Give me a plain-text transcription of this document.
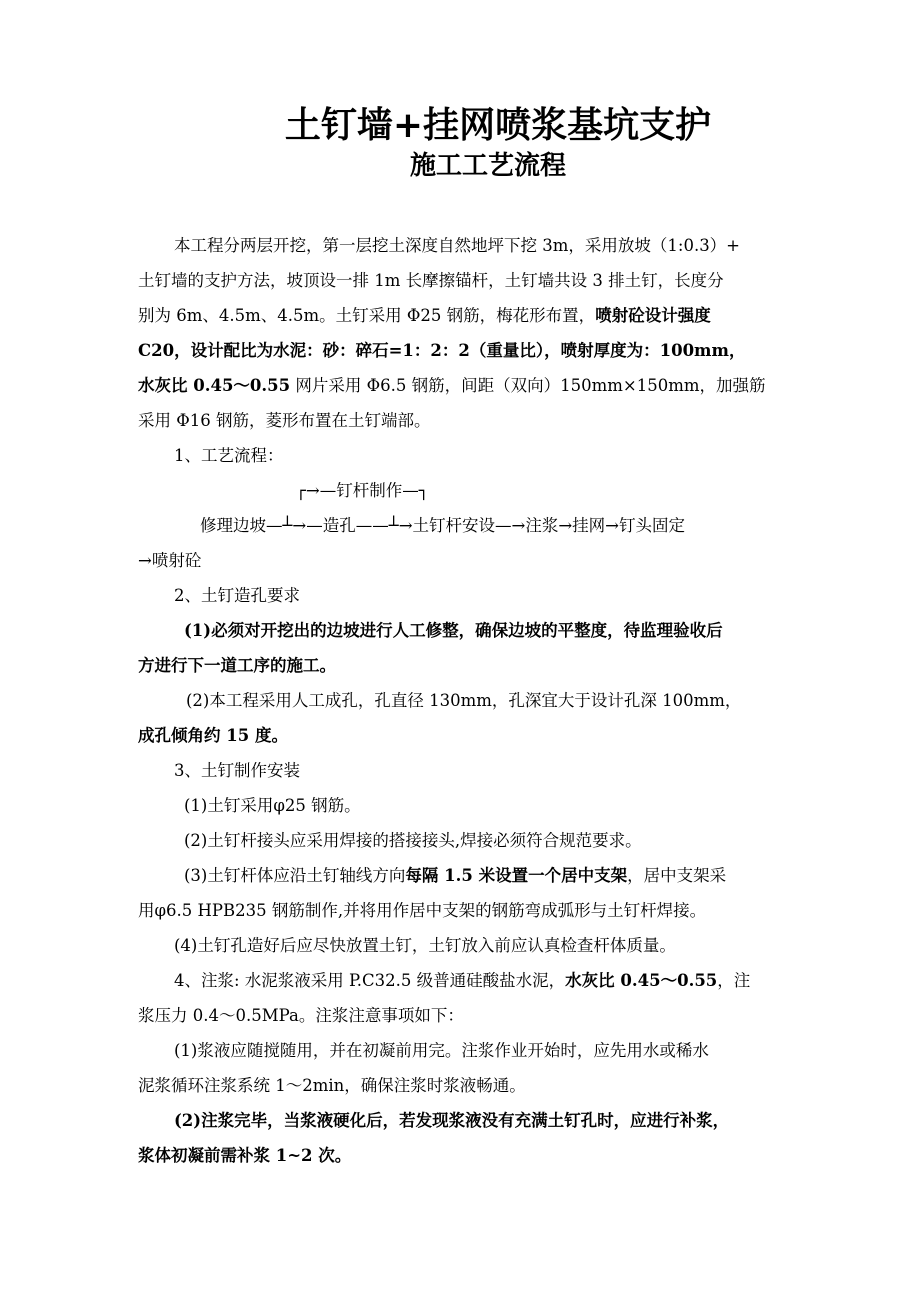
土钉墙+挂网喷浆基坑支护
施工工艺流程
本工程分两层开挖，第一层挖土深度自然地坪下挖 3m，采用放坡（1:0.3）+
土钉墙的支护方法，坡顶设一排 1m 长摩擦锚杆，土钉墙共设 3 排土钉，长度分
别为 6m、4.5m、4.5m。土钉采用 Φ25 钢筋，梅花形布置，喷射砼设计强度
C20，设计配比为水泥：砂：碎石=1：2：2（重量比），喷射厚度为：100mm，
水灰比 0.45～0.55 网片采用 Φ6.5 钢筋，间距（双向）150mm×150mm，加强筋
采用 Φ16 钢筋，菱形布置在土钉端部。
1、工艺流程：
┌→—钉杆制作—┐
修理边坡—┴→—造孔——┴→土钉杆安设—→注浆→挂网→钉头固定
→喷射砼
2、土钉造孔要求
(1)必须对开挖出的边坡进行人工修整，确保边坡的平整度，待监理验收后
方进行下一道工序的施工。
(2)本工程采用人工成孔，孔直径 130mm，孔深宜大于设计孔深 100mm，
成孔倾角约 15 度。
3、土钉制作安装
(1)土钉采用φ25 钢筋。
(2)土钉杆接头应采用焊接的搭接接头,焊接必须符合规范要求。
(3)土钉杆体应沿土钉轴线方向每隔 1.5 米设置一个居中支架，居中支架采
用φ6.5 HPB235 钢筋制作,并将用作居中支架的钢筋弯成弧形与土钉杆焊接。
(4)土钉孔造好后应尽快放置土钉，土钉放入前应认真检查杆体质量。
4、注浆: 水泥浆液采用 P.C32.5 级普通硅酸盐水泥，水灰比 0.45～0.55，注
浆压力 0.4～0.5MPa。注浆注意事项如下：
(1)浆液应随搅随用，并在初凝前用完。注浆作业开始时，应先用水或稀水
泥浆循环注浆系统 1～2min，确保注浆时浆液畅通。
(2)注浆完毕，当浆液硬化后，若发现浆液没有充满土钉孔时，应进行补浆，
浆体初凝前需补浆 1~2 次。
